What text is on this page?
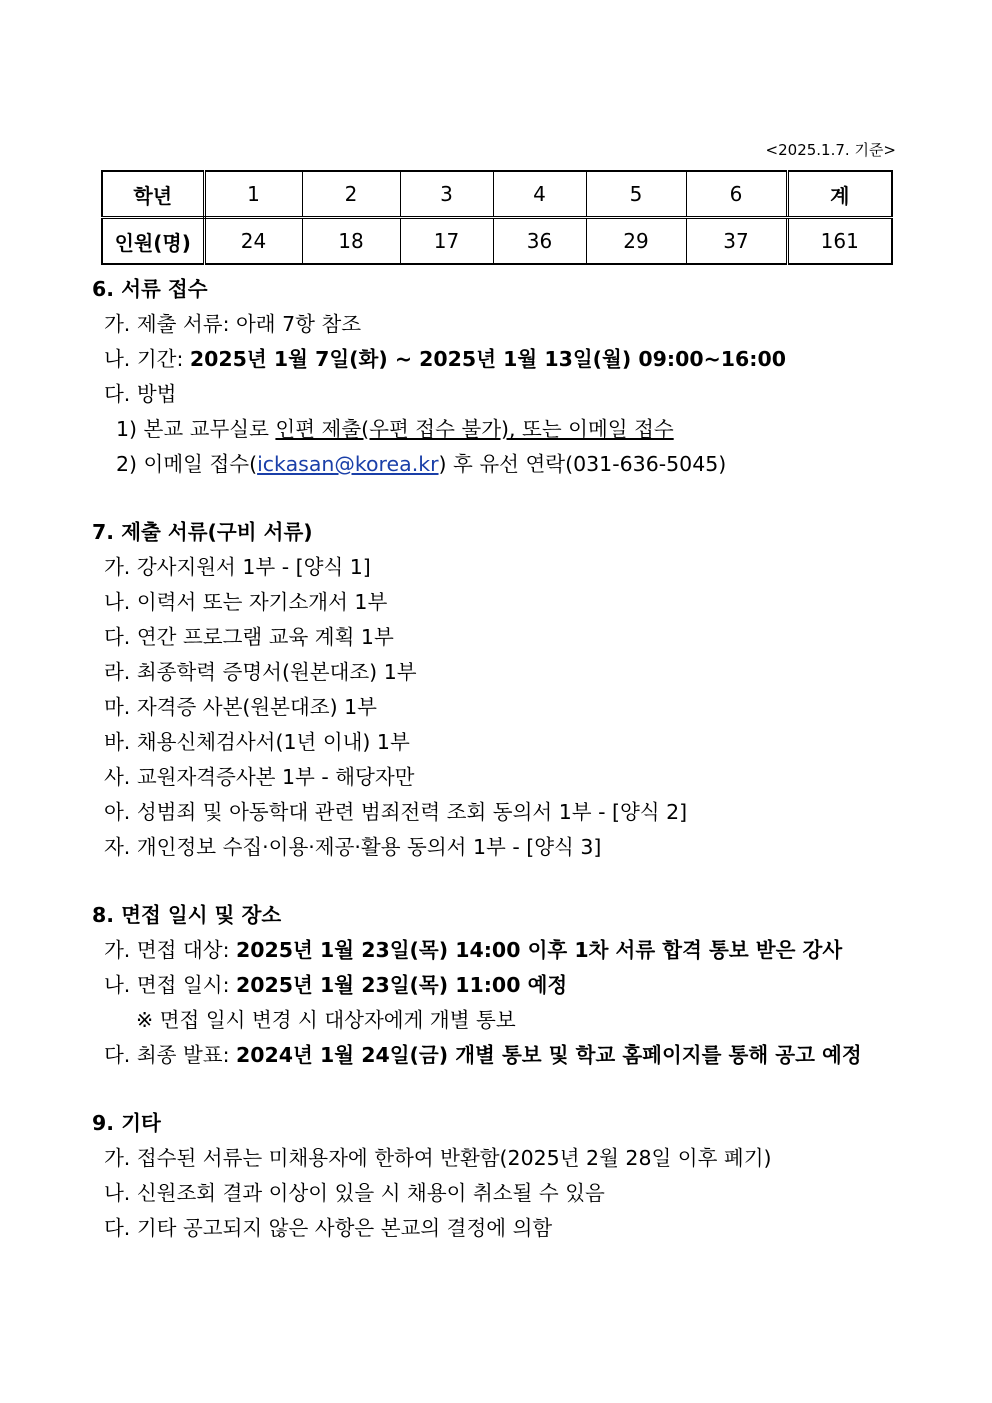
<2025.1.7. 기준>
학년	1	2	3	4	5	6	계
인원(명)	24	18	17	36	29	37	161
6. 서류 접수
가. 제출 서류: 아래 7항 참조
나. 기간: 2025년 1월 7일(화) ~ 2025년 1월 13일(월) 09:00~16:00
다. 방법
1) 본교 교무실로 인편 제출(우편 접수 불가), 또는 이메일 접수
2) 이메일 접수(ickasan@korea.kr) 후 유선 연락(031-636-5045)
7. 제출 서류(구비 서류)
가. 강사지원서 1부 - [양식 1]
나. 이력서 또는 자기소개서 1부
다. 연간 프로그램 교육 계획 1부
라. 최종학력 증명서(원본대조) 1부
마. 자격증 사본(원본대조) 1부
바. 채용신체검사서(1년 이내) 1부
사. 교원자격증사본 1부 - 해당자만
아. 성범죄 및 아동학대 관련 범죄전력 조회 동의서 1부 - [양식 2]
자. 개인정보 수집·이용·제공·활용 동의서 1부 - [양식 3]
8. 면접 일시 및 장소
가. 면접 대상: 2025년 1월 23일(목) 14:00 이후 1차 서류 합격 통보 받은 강사
나. 면접 일시: 2025년 1월 23일(목) 11:00 예정
※ 면접 일시 변경 시 대상자에게 개별 통보
다. 최종 발표: 2024년 1월 24일(금) 개별 통보 및 학교 홈페이지를 통해 공고 예정
9. 기타
가. 접수된 서류는 미채용자에 한하여 반환함(2025년 2월 28일 이후 폐기)
나. 신원조회 결과 이상이 있을 시 채용이 취소될 수 있음
다. 기타 공고되지 않은 사항은 본교의 결정에 의함
